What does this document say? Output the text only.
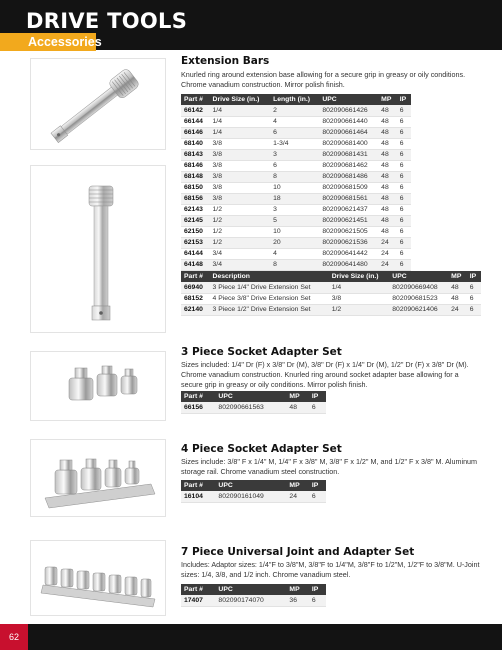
DRIVE TOOLS
Accessories
Extension Bars
Knurled ring around extension base allowing for a secure grip in greasy or oily conditions. Chrome vanadium construction. Mirror polish finish.
Part #	Drive Size (in.)	Length (in.)	UPC	MP	IP
66142	1/4	2	802090661426	48	6
66144	1/4	4	802090661440	48	6
66146	1/4	6	802090661464	48	6
68140	3/8	1-3/4	802090681400	48	6
68143	3/8	3	802090681431	48	6
68146	3/8	6	802090681462	48	6
68148	3/8	8	802090681486	48	6
68150	3/8	10	802090681509	48	6
68156	3/8	18	802090681561	48	6
62143	1/2	3	802090621437	48	6
62145	1/2	5	802090621451	48	6
62150	1/2	10	802090621505	48	6
62153	1/2	20	802090621536	24	6
64144	3/4	4	802090641442	24	6
64148	3/4	8	802090641480	24	6
Part #	Description	Drive Size (in.)	UPC	MP	IP
66940	3 Piece 1/4" Drive Extension Set	1/4	802090669408	48	6
68152	4 Piece 3/8" Drive Extension Set	3/8	802090681523	48	6
62140	3 Piece 1/2" Drive Extension Set	1/2	802090621406	24	6
3 Piece Socket Adapter Set
Sizes included: 1/4" Dr (F) x 3/8" Dr (M), 3/8" Dr (F) x 1/4" Dr (M), 1/2" Dr (F) x 3/8" Dr (M). Chrome vanadium construction. Knurled ring around socket adapter base allowing for a secure grip in greasy or oily conditions. Mirror polish finish.
Part #	UPC	MP	IP
66156	802090661563	48	6
4 Piece Socket Adapter Set
Sizes include: 3/8" F x 1/4" M, 1/4" F x 3/8" M, 3/8" F x 1/2" M, and 1/2" F x 3/8" M. Aluminum storage rail. Chrome vanadium steel construction.
Part #	UPC	MP	IP
16104	802090161049	24	6
7 Piece Universal Joint and Adapter Set
Includes: Adaptor sizes: 1/4"F to 3/8"M, 3/8"F to 1/4"M, 3/8"F to 1/2"M, 1/2"F to 3/8"M. U-Joint sizes: 1/4, 3/8, and 1/2 inch. Chrome vanadium steel.
Part #	UPC	MP	IP
17407	802090174070	36	6
62
